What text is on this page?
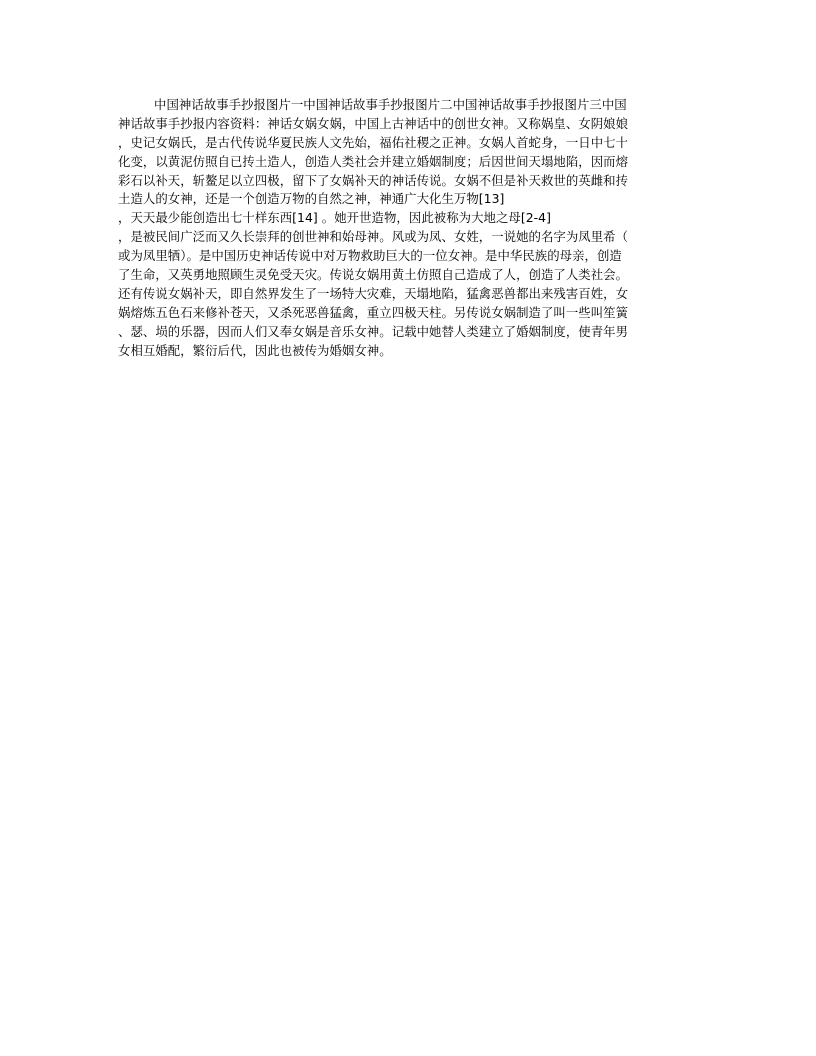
中国神话故事手抄报图片一中国神话故事手抄报图片二中国神话故事手抄报图片三中国
神话故事手抄报内容资料：神话女娲女娲，中国上古神话中的创世女神。又称娲皇、女阴娘娘
，史记女娲氏，是古代传说华夏民族人文先始，福佑社稷之正神。女娲人首蛇身，一日中七十
化变，以黄泥仿照自已抟土造人，创造人类社会并建立婚姻制度；后因世间天塌地陷，因而熔
彩石以补天，斩鳌足以立四极，留下了女娲补天的神话传说。女娲不但是补天救世的英雌和抟
土造人的女神，还是一个创造万物的自然之神，神通广大化生万物[13]
，天天最少能创造出七十样东西[14] 。她开世造物，因此被称为大地之母[2-4]
，是被民间广泛而又久长崇拜的创世神和始母神。风或为凤、女姓，一说她的名字为凤里希（
或为凤里牺）。是中国历史神话传说中对万物救助巨大的一位女神。是中华民族的母亲，创造
了生命，又英勇地照顾生灵免受天灾。传说女娲用黄土仿照自己造成了人，创造了人类社会。
还有传说女娲补天，即自然界发生了一场特大灾难，天塌地陷，猛禽恶兽都出来残害百姓，女
娲熔炼五色石来修补苍天，又杀死恶兽猛禽，重立四极天柱。另传说女娲制造了叫一些叫笙簧
、瑟、埙的乐器，因而人们又奉女娲是音乐女神。记载中她替人类建立了婚姻制度，使青年男
女相互婚配，繁衍后代，因此也被传为婚姻女神。
